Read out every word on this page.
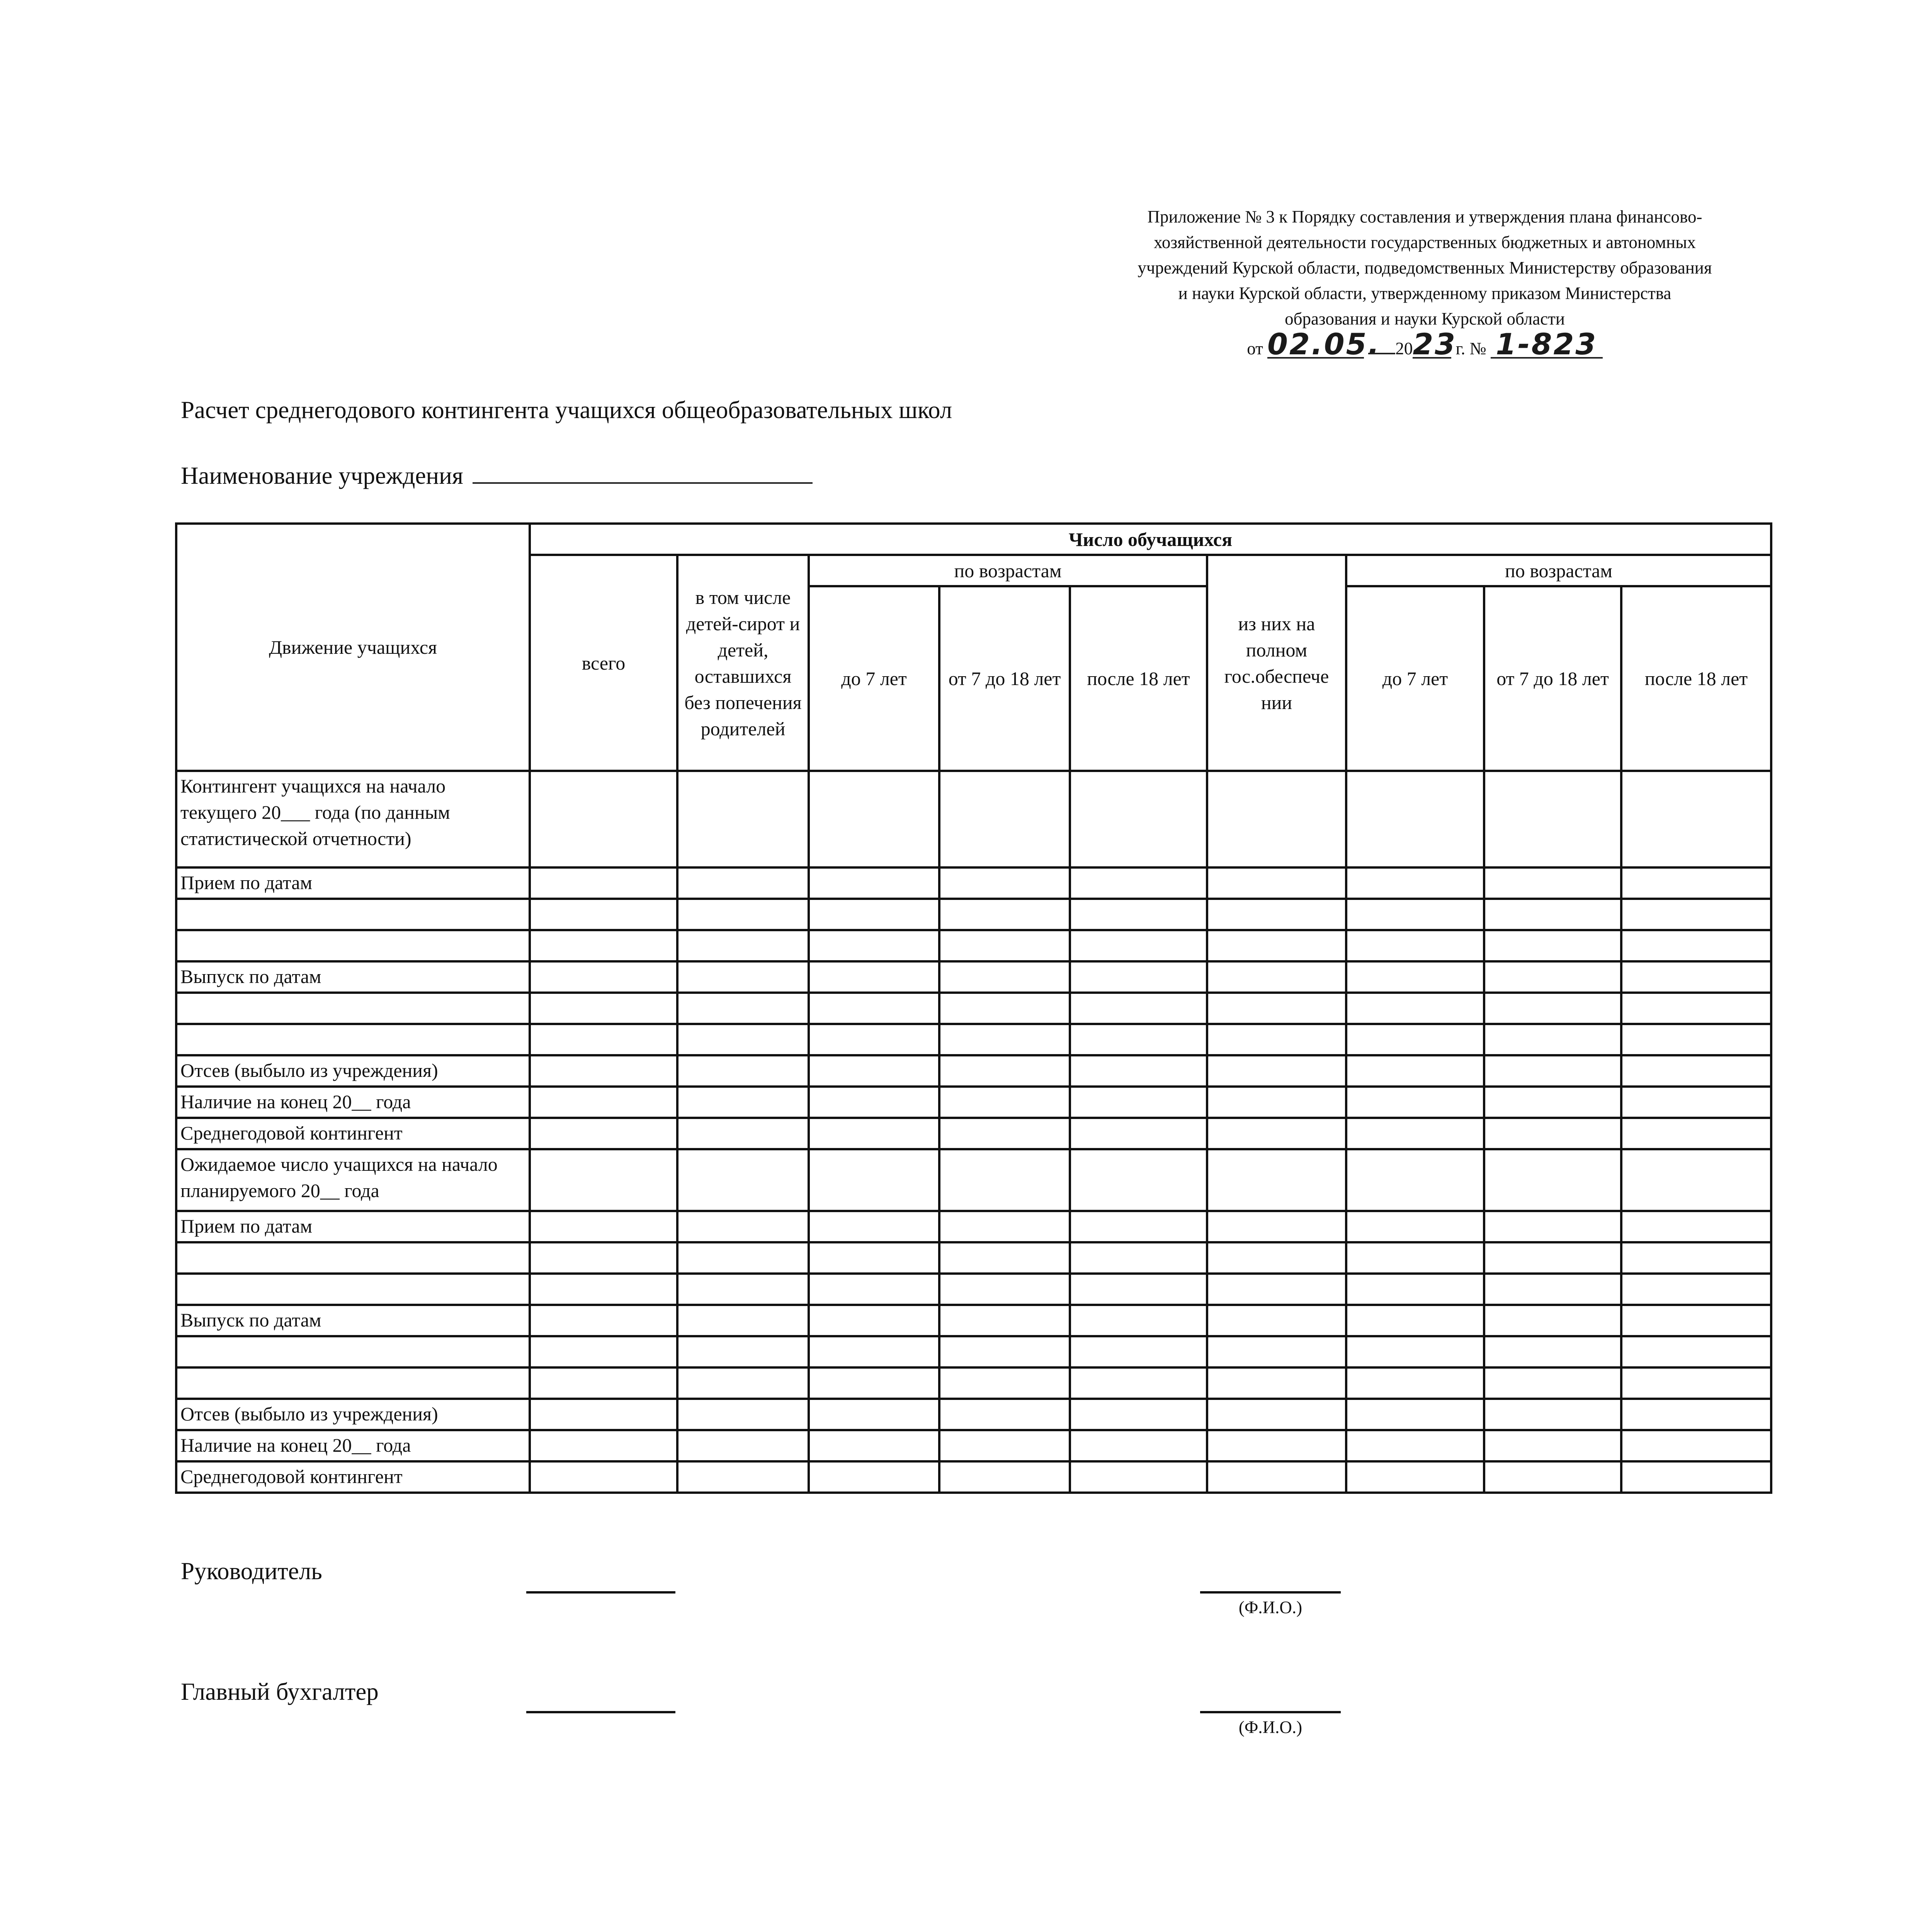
Приложение № 3 к Порядку составления и утверждения плана финансово-
хозяйственной деятельности государственных бюджетных и автономных
учреждений Курской области, подведомственных Министерству образования
и науки Курской области, утвержденному приказом Министерства
образования и науки Курской области
от 02.05. 2023 г. № 1-823
Расчет среднегодового контингента учащихся общеобразовательных школ
Наименование учреждения
Движение учащихся	Число обучащихся								
	всего	в том числе детей-сирот и детей, оставшихся без попечения родителей	по возрастам			из них на полном гос.обеспече нии	по возрастам		
			до 7 лет	от 7 до 18 лет	после 18 лет		до 7 лет	от 7 до 18 лет	после 18 лет

Контингент учащихся на начало текущего 20___ года (по данным статистической отчетности)									
Прием по датам									

Выпуск по датам									

Отсев (выбыло из учреждения)									
Наличие на конец 20__ года									
Среднегодовой контингент									
Ожидаемое число учащихся на начало планируемого 20__ года									
Прием по датам									

Выпуск по датам									

Отсев (выбыло из учреждения)									
Наличие на конец 20__ года									
Среднегодовой контингент									
Руководитель
(Ф.И.О.)
Главный бухгалтер
(Ф.И.О.)
